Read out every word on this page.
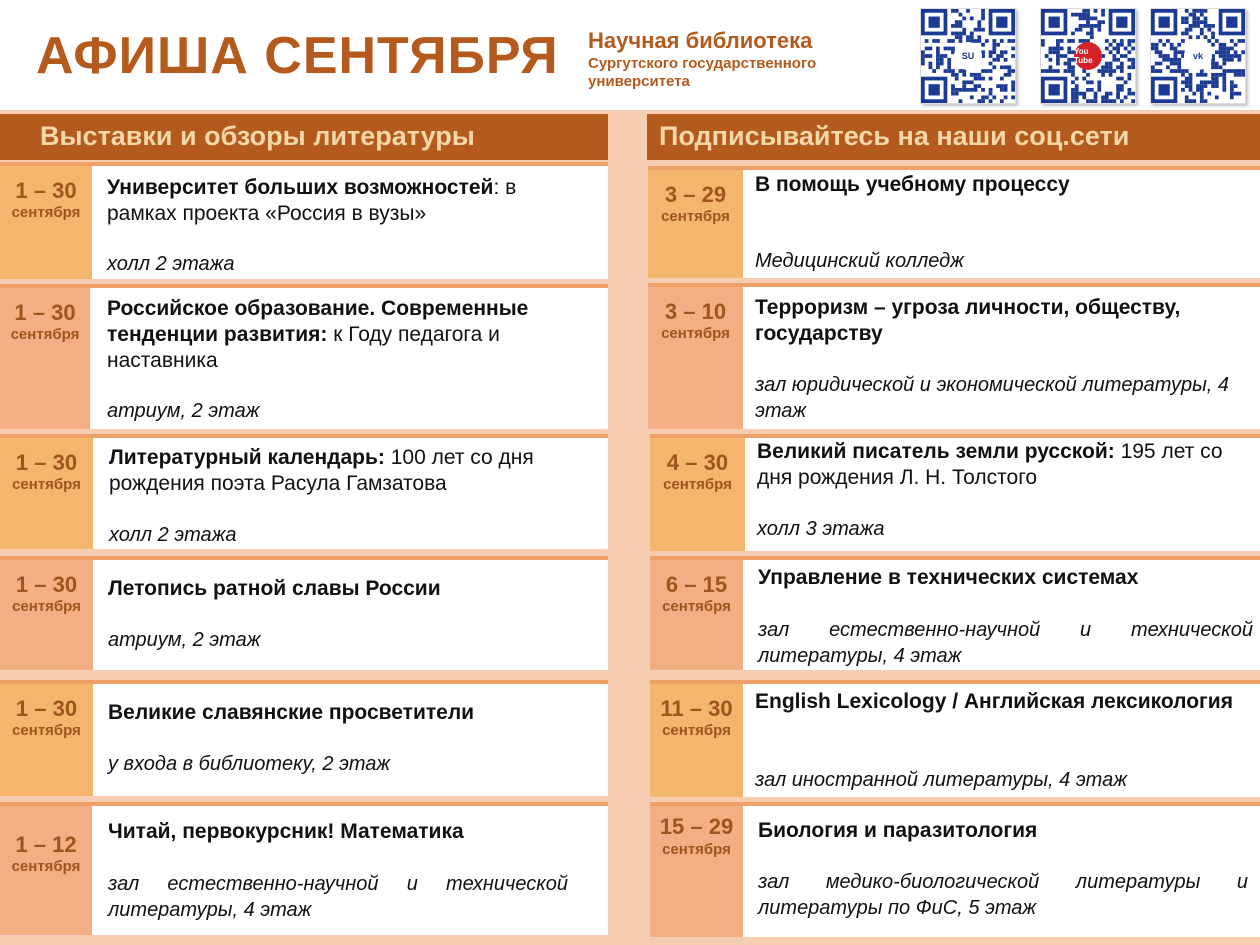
АФИША СЕНТЯБРЯ Научная библиотека
Сургутского государственного университета
SU	You Tube	vk
Выставки и обзоры литературы	Подписывайтесь на наши соц.сети
1 – 30
сентября
Университет больших возможностей: в рамках проекта «Россия в вузы»
холл 2 этажа
1 – 30
сентября
Российское образование. Современные тенденции развития: к Году педагога и наставника
атриум, 2 этаж
1 – 30
сентября
Литературный календарь: 100 лет со дня рождения поэта Расула Гамзатова
холл 2 этажа
1 – 30
сентября
Летопись ратной славы России
атриум, 2 этаж
1 – 30
сентября
Великие славянские просветители
у входа в библиотеку, 2 этаж
1 – 12
сентября
Читай, первокурсник! Математика
зал естественно-научной и технической литературы, 4 этаж
3 – 29
сентября
В помощь учебному процессу
Медицинский колледж
3 – 10
сентября
Терроризм – угроза личности, обществу, государству
зал юридической и экономической литературы, 4 этаж
4 – 30
сентября
Великий писатель земли русской: 195 лет со дня рождения Л. Н. Толстого
холл 3 этажа
6 – 15
сентября
Управление в технических системах
зал естественно-научной и технической литературы, 4 этаж
11 – 30
сентября
English Lexicology / Английская лексикология
зал иностранной литературы, 4 этаж
15 – 29
сентября
Биология и паразитология
зал медико-биологической литературы и литературы по ФиС, 5 этаж
